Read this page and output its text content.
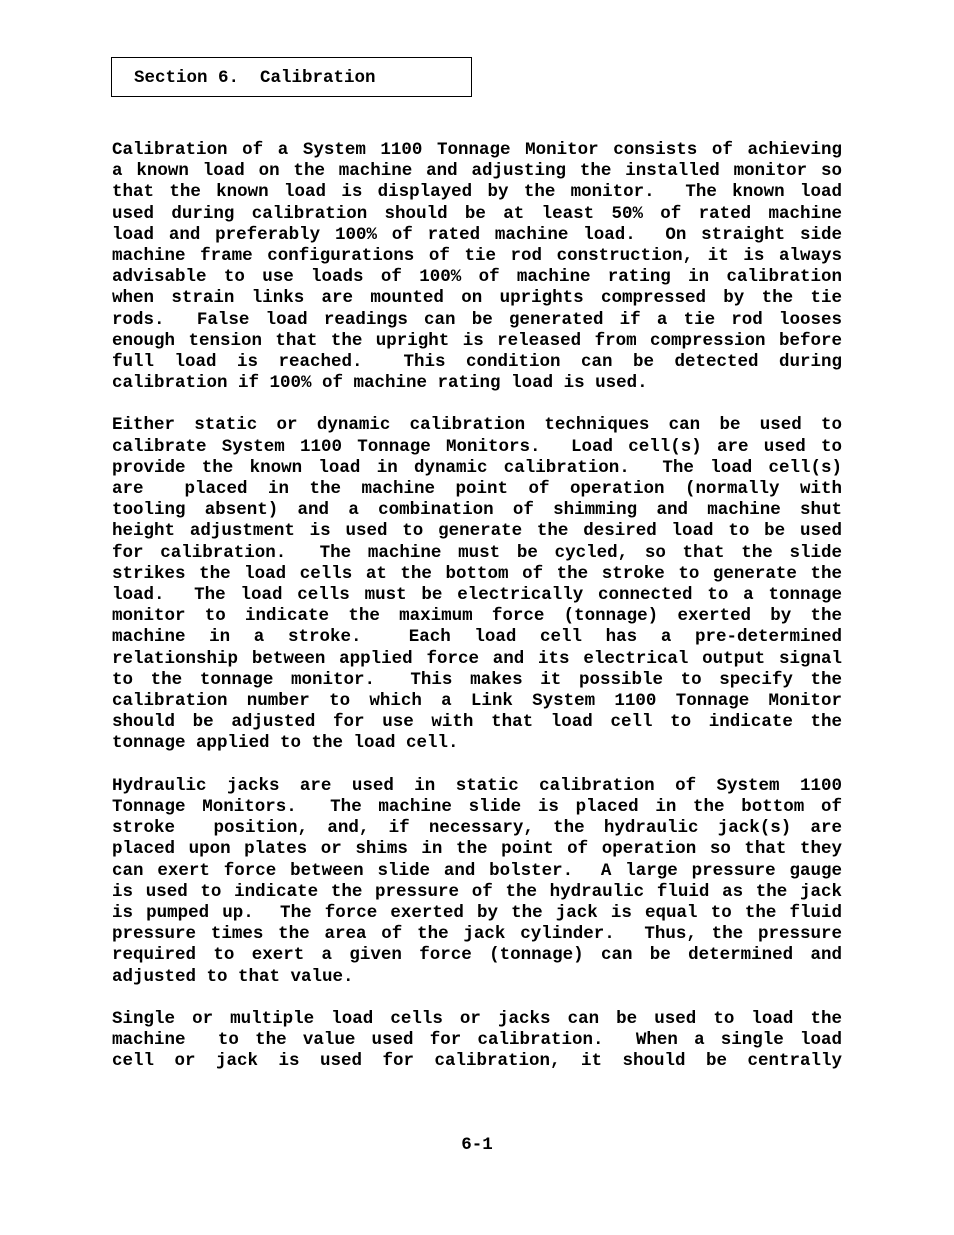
Section 6.  Calibration
Calibration of a System 1100 Tonnage Monitor consists of achieving
a known load on the machine and adjusting the installed monitor so
that the known load is displayed by the monitor.  The known load
used during calibration should be at least 50% of rated machine
load and preferably 100% of rated machine load.  On straight side
machine frame configurations of tie rod construction, it is always
advisable to use loads of 100% of machine rating in calibration
when strain links are mounted on uprights compressed by the tie
rods.  False load readings can be generated if a tie rod looses
enough tension that the upright is released from compression before
full load is reached.  This condition can be detected during
calibration if 100% of machine rating load is used.
Either static or dynamic calibration techniques can be used to
calibrate System 1100 Tonnage Monitors.  Load cell(s) are used to
provide the known load in dynamic calibration.  The load cell(s)
are  placed in the machine point of operation (normally with
tooling absent) and a combination of shimming and machine shut
height adjustment is used to generate the desired load to be used
for calibration.  The machine must be cycled, so that the slide
strikes the load cells at the bottom of the stroke to generate the
load.  The load cells must be electrically connected to a tonnage
monitor to indicate the maximum force (tonnage) exerted by the
machine in a stroke.  Each load cell has a pre-determined
relationship between applied force and its electrical output signal
to the tonnage monitor.  This makes it possible to specify the
calibration number to which a Link System 1100 Tonnage Monitor
should be adjusted for use with that load cell to indicate the
tonnage applied to the load cell.
Hydraulic jacks are used in static calibration of System 1100
Tonnage Monitors.  The machine slide is placed in the bottom of
stroke  position, and, if necessary, the hydraulic jack(s) are
placed upon plates or shims in the point of operation so that they
can exert force between slide and bolster.  A large pressure gauge
is used to indicate the pressure of the hydraulic fluid as the jack
is pumped up.  The force exerted by the jack is equal to the fluid
pressure times the area of the jack cylinder.  Thus, the pressure
required to exert a given force (tonnage) can be determined and
adjusted to that value.
Single or multiple load cells or jacks can be used to load the
machine  to the value used for calibration.  When a single load
cell or jack is used for calibration, it should be centrally
6-1
